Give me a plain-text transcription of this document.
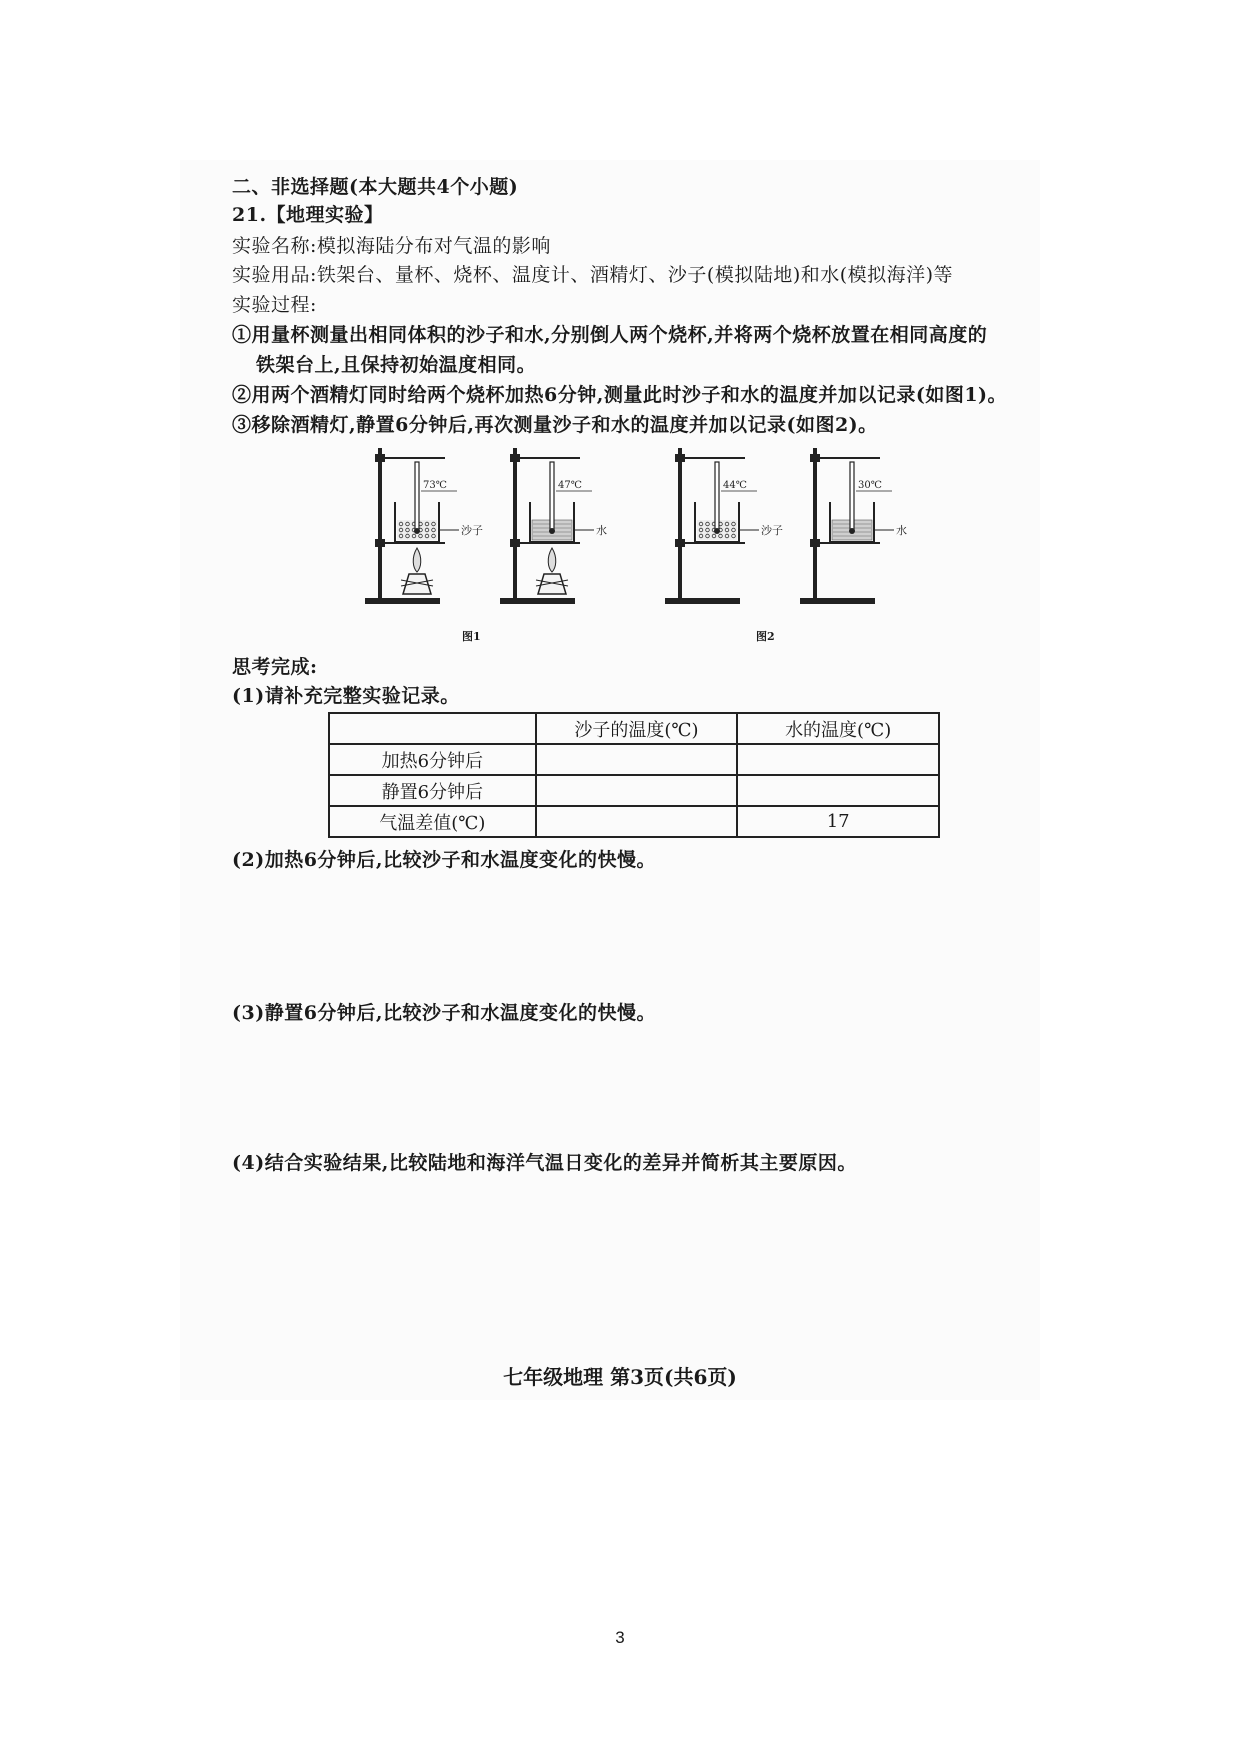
二、非选择题(本大题共4个小题)
21.【地理实验】
实验名称:模拟海陆分布对气温的影响
实验用品:铁架台、量杯、烧杯、温度计、酒精灯、沙子(模拟陆地)和水(模拟海洋)等
实验过程:
①用量杯测量出相同体积的沙子和水,分别倒人两个烧杯,并将两个烧杯放置在相同高度的
铁架台上,且保持初始温度相同。
②用两个酒精灯同时给两个烧杯加热6分钟,测量此时沙子和水的温度并加以记录(如图1)。
③移除酒精灯,静置6分钟后,再次测量沙子和水的温度并加以记录(如图2)。
73℃
沙子
47℃
水
44℃
沙子
30℃
水
图1	图2
思考完成:
(1)请补充完整实验记录。
	沙子的温度(℃)	水的温度(℃)
加热6分钟后		
静置6分钟后		
气温差值(℃)		17
(2)加热6分钟后,比较沙子和水温度变化的快慢。
(3)静置6分钟后,比较沙子和水温度变化的快慢。
(4)结合实验结果,比较陆地和海洋气温日变化的差异并简析其主要原因。
七年级地理 第3页(共6页)
3
